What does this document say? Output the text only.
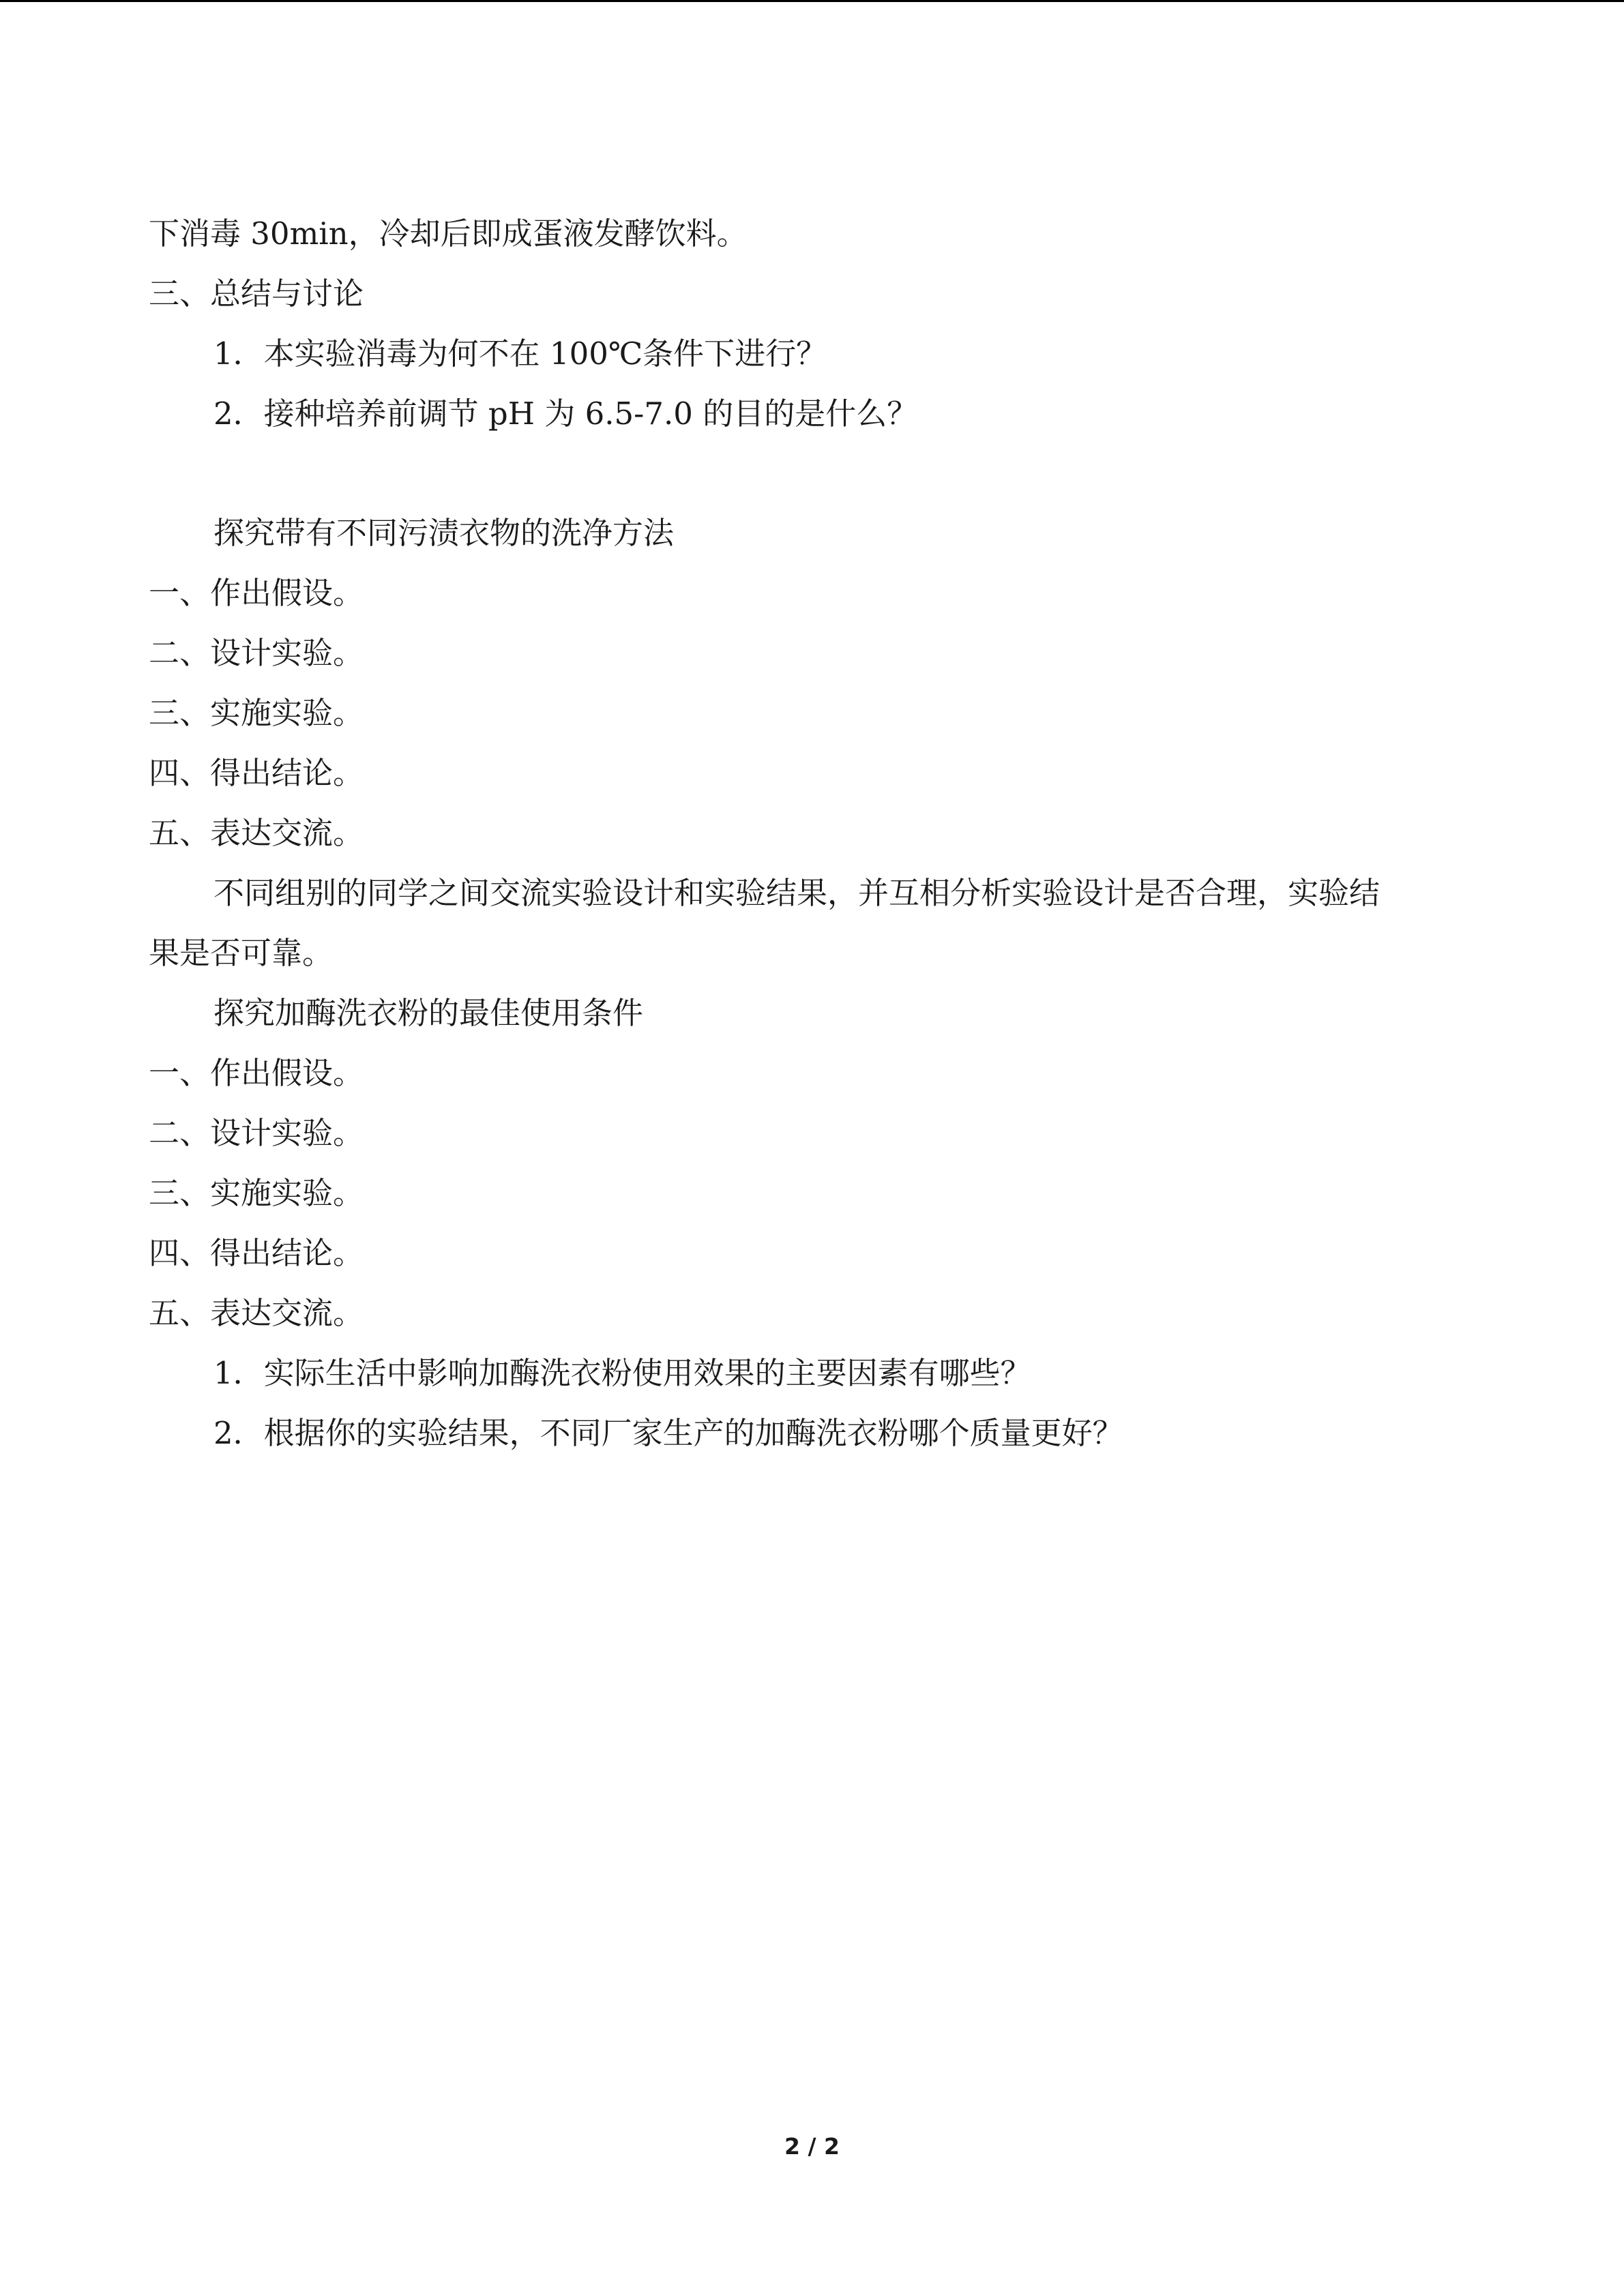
下消毒 30min，冷却后即成蛋液发酵饮料。
三、总结与讨论
1．本实验消毒为何不在 100℃条件下进行？
2．接种培养前调节 pH 为 6.5-7.0 的目的是什么？
探究带有不同污渍衣物的洗净方法
一、作出假设。
二、设计实验。
三、实施实验。
四、得出结论。
五、表达交流。
不同组别的同学之间交流实验设计和实验结果，并互相分析实验设计是否合理，实验结
果是否可靠。
探究加酶洗衣粉的最佳使用条件
一、作出假设。
二、设计实验。
三、实施实验。
四、得出结论。
五、表达交流。
1．实际生活中影响加酶洗衣粉使用效果的主要因素有哪些？
2．根据你的实验结果，不同厂家生产的加酶洗衣粉哪个质量更好？
2 / 2
